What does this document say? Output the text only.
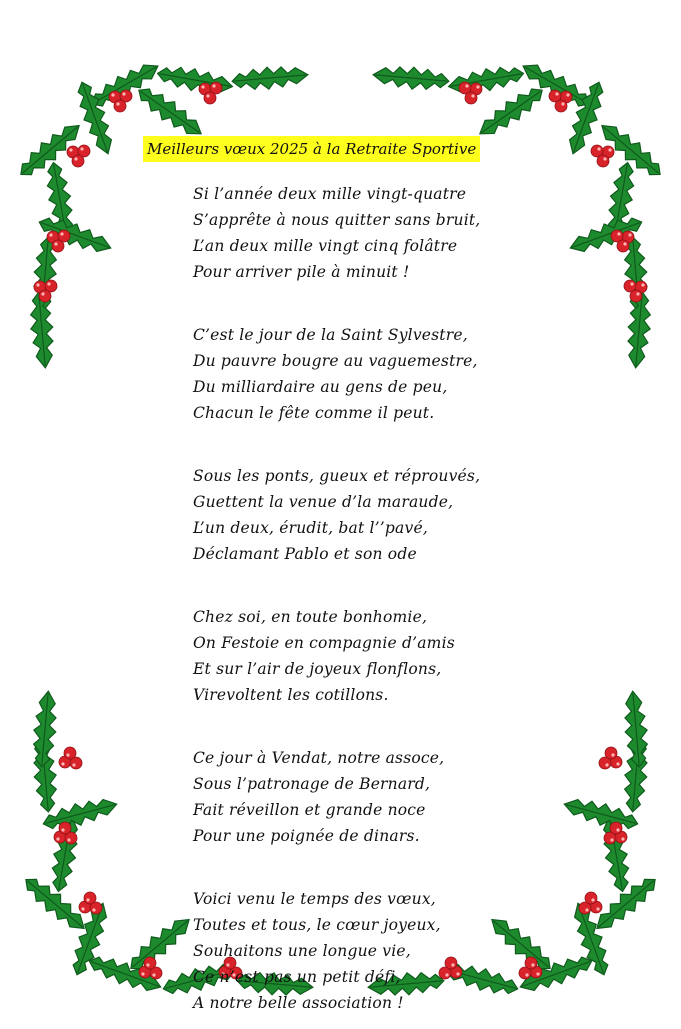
Meilleurs vœux 2025 à la Retraite Sportive
Si l’année deux mille vingt-quatre
S’apprête à nous quitter sans bruit,
L’an deux mille vingt cinq folâtre
Pour arriver pile à minuit !
C’est le jour de la Saint Sylvestre,
Du pauvre bougre au vaguemestre,
Du milliardaire au gens de peu,
Chacun le fête comme il peut.
Sous les ponts, gueux et réprouvés,
Guettent la venue d’la maraude,
L’un deux, érudit, bat l’’pavé,
Déclamant Pablo et son ode
Chez soi, en toute bonhomie,
On Festoie en compagnie d’amis
Et sur l’air de joyeux flonflons,
Virevoltent les cotillons.
Ce jour à Vendat, notre assoce,
Sous l’patronage de Bernard,
Fait réveillon et grande noce
Pour une poignée de dinars.
Voici venu le temps des vœux,
Toutes et tous, le cœur joyeux,
Souhaitons une longue vie,
Ce n’est pas un petit défi,
A notre belle association !
